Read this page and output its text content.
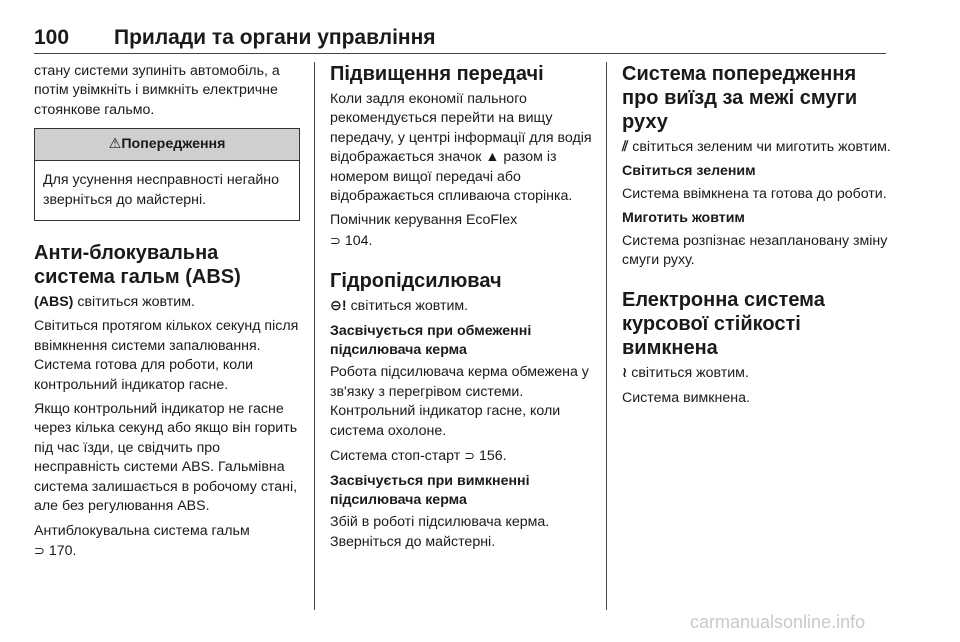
100 Прилади та органи управління

стану системи зупиніть автомобіль, а потім увімкніть і вимкніть електричне стоянкове гальмо.

⚠Попередження
Для усунення несправності негайно зверніться до майстерні.
Анти-блокувальна система гальм (ABS)

(ABS) світиться жовтим.

Світиться протягом кількох секунд після ввімкнення системи запалювання. Система готова для роботи, коли контрольний індикатор гасне.

Якщо контрольний індикатор не гасне через кілька секунд або якщо він горить під час їзди, це свідчить про несправність системи ABS. Гальмівна система залишається в робочому стані, але без регулювання ABS.

Антиблокувальна система гальм
⊃ 170.

Підвищення передачі

Коли задля економії пального рекомендується перейти на вищу передачу, у центрі інформації для водія відображається значок ▲ разом із номером вищої передачі або відображається спливаюча сторінка.

Помічник керування EcoFlex
⊃ 104.

Гідропідсилювач

⊖! світиться жовтим.

Засвічується при обмеженні підсилювача керма

Робота підсилювача керма обмежена у зв'язку з перегрівом системи. Контрольний індикатор гасне, коли система охолоне.

Система стоп-старт ⊃ 156.

Засвічується при вимкненні підсилювача керма

Збій в роботі підсилювача керма. Зверніться до майстерні.

Система попередження про виїзд за межі смуги руху

⫽ світиться зеленим чи миготить жовтим.

Світиться зеленим

Система ввімкнена та готова до роботи.

Миготить жовтим

Система розпізнає незаплановану зміну смуги руху.

Електронна система курсової стійкості вимкнена

≀ світиться жовтим.

Система вимкнена.

carmanualsonline.info
